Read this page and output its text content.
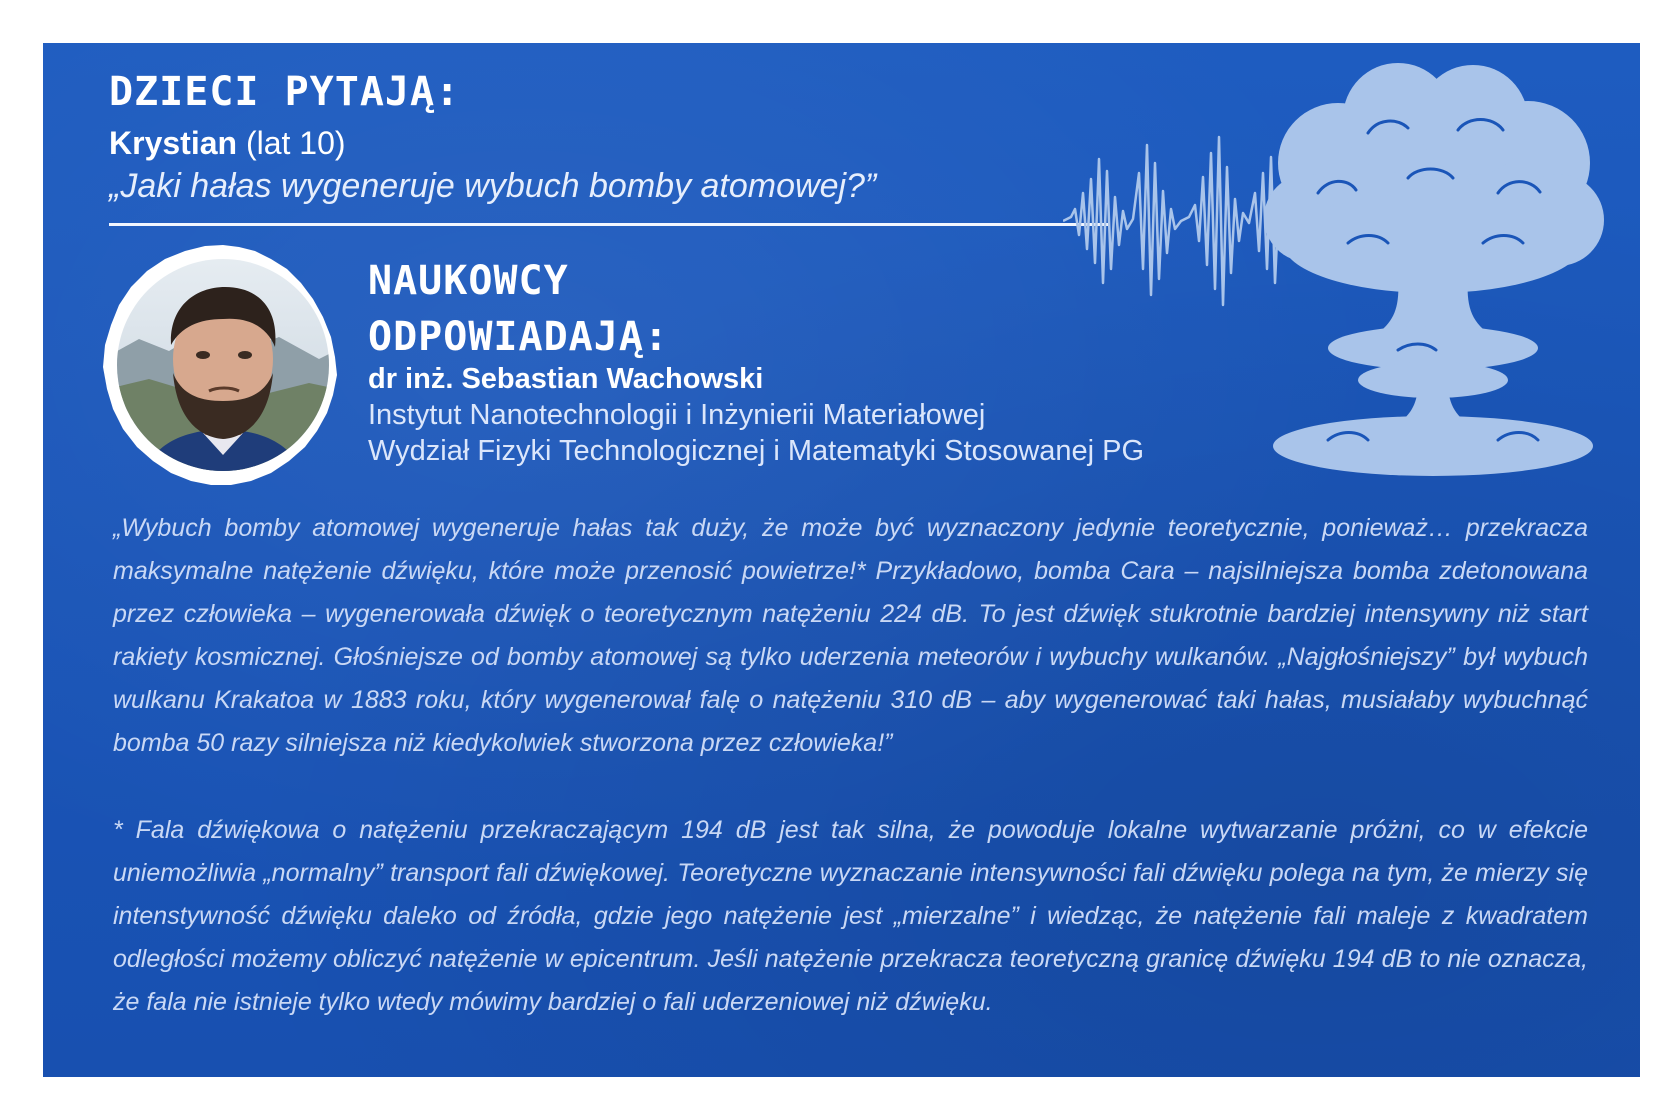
DZIECI PYTAJĄ:
Krystian (lat 10)
„Jaki hałas wygeneruje wybuch bomby atomowej?”
NAUKOWCY
ODPOWIADAJĄ:
dr inż. Sebastian Wachowski
Instytut Nanotechnologii i Inżynierii Materiałowej
Wydział Fizyki Technologicznej i Matematyki Stosowanej PG

„Wybuch bomby atomowej wygeneruje hałas tak duży, że może być wyznaczony jedynie teoretycznie, ponieważ… przekracza maksymalne natężenie dźwięku, które może przenosić powietrze!* Przykładowo, bomba Cara – najsilniejsza bomba zdetonowana przez człowieka – wygenerowała dźwięk o teoretycznym natężeniu 224 dB. To jest dźwięk stukrotnie bardziej intensywny niż start rakiety kosmicznej. Głośniejsze od bomby atomowej są tylko uderzenia meteorów i wybuchy wulkanów. „Najgłośniejszy” był wybuch wulkanu Krakatoa w 1883 roku, który wygenerował falę o natężeniu 310 dB – aby wygenerować taki hałas, musiałaby wybuchnąć bomba 50 razy silniejsza niż kiedykolwiek stworzona przez człowieka!”

* Fala dźwiękowa o natężeniu przekraczającym 194 dB jest tak silna, że powoduje lokalne wytwarzanie próżni, co w efekcie uniemożliwia „normalny” transport fali dźwiękowej. Teoretyczne wyznaczanie intensywności fali dźwięku polega na tym, że mierzy się intenstywność dźwięku daleko od źródła, gdzie jego natężenie jest „mierzalne” i wiedząc, że natężenie fali maleje z kwadratem odległości możemy obliczyć natężenie w epicentrum. Jeśli natężenie przekracza teoretyczną granicę dźwięku 194 dB to nie oznacza, że fala nie istnieje tylko wtedy mówimy bardziej o fali uderzeniowej niż dźwięku.
